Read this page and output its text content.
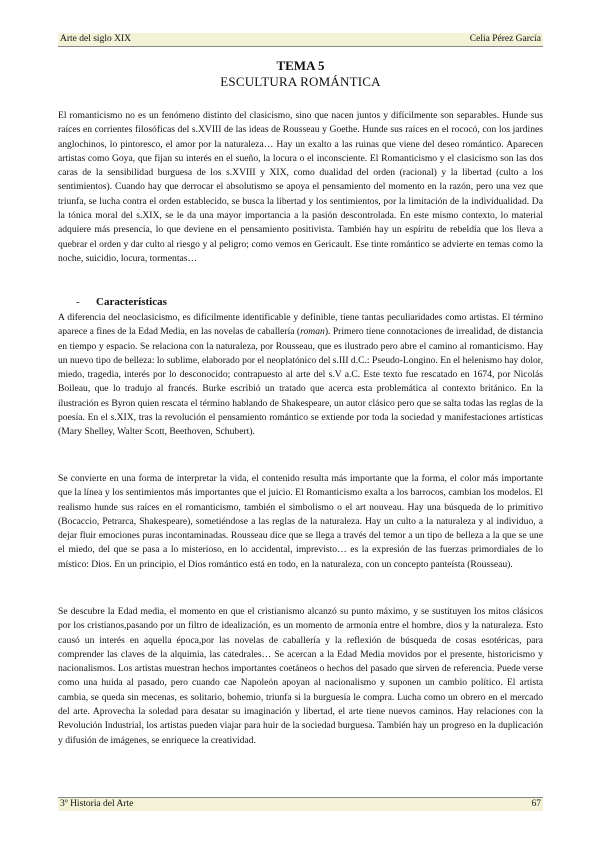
Arte del siglo XIX	Celia Pérez García
TEMA 5
ESCULTURA ROMÁNTICA

El romanticismo no es un fenómeno distinto del clasicismo, sino que nacen juntos y difícilmente son separables. Hunde sus raíces en corrientes filosóficas del s.XVIII de las ideas de Rousseau y Goethe. Hunde sus raíces en el rococó, con los jardines anglochinos, lo pintoresco, el amor por la naturaleza… Hay un exalto a las ruinas que viene del deseo romántico. Aparecen artistas como Goya, que fijan su interés en el sueño, la locura o el inconsciente. El Romanticismo y el clasicismo son las dos caras de la sensibilidad burguesa de los s.XVIII y XIX, como dualidad del orden (racional) y la libertad (culto a los sentimientos). Cuando hay que derrocar el absolutismo se apoya el pensamiento del momento en la razón, pero una vez que triunfa, se lucha contra el orden establecido, se busca la libertad y los sentimientos, por la limitación de la individualidad. Da la tónica moral del s.XIX, se le da una mayor importancia a la pasión descontrolada. En este mismo contexto, lo material adquiere más presencia, lo que deviene en el pensamiento positivista. También hay un espíritu de rebeldía que los lleva a quebrar el orden y dar culto al riesgo y al peligro; como vemos en Gericault. Ese tinte romántico se advierte en temas como la noche, suicidio, locura, tormentas…

- Características

A diferencia del neoclasicismo, es difícilmente identificable y definible, tiene tantas peculiaridades como artistas. El término aparece a fines de la Edad Media, en las novelas de caballería (roman). Primero tiene connotaciones de irrealidad, de distancia en tiempo y espacio. Se relaciona con la naturaleza, por Rousseau, que es ilustrado pero abre el camino al romanticismo. Hay un nuevo tipo de belleza: lo sublime, elaborado por el neoplatónico del s.III d.C.: Pseudo-Longino. En el helenismo hay dolor, miedo, tragedia, interés por lo desconocido; contrapuesto al arte del s.V a.C. Este texto fue rescatado en 1674, por Nicolás Boileau, que lo tradujo al francés. Burke escribió un tratado que acerca esta problemática al contexto británico. En la ilustración es Byron quien rescata el término hablando de Shakespeare, un autor clásico pero que se salta todas las reglas de la poesía. En el s.XIX, tras la revolución el pensamiento romántico se extiende por toda la sociedad y manifestaciones artísticas (Mary Shelley, Walter Scott, Beethoven, Schubert).

Se convierte en una forma de interpretar la vida, el contenido resulta más importante que la forma, el color más importante que la línea y los sentimientos más importantes que el juicio. El Romanticismo exalta a los barrocos, cambian los modelos. El realismo hunde sus raíces en el romanticismo, también el simbolismo o el art nouveau. Hay una búsqueda de lo primitivo (Bocaccio, Petrarca, Shakespeare), sometiéndose a las reglas de la naturaleza. Hay un culto a la naturaleza y al individuo, a dejar fluir emociones puras incontaminadas. Rousseau dice que se llega a través del temor a un tipo de belleza a la que se une el miedo, del que se pasa a lo misterioso, en lo accidental, imprevisto… es la expresión de las fuerzas primordiales de lo místico: Dios. En un principio, el Dios romántico está en todo, en la naturaleza, con un concepto panteísta (Rousseau).

Se descubre la Edad media, el momento en que el cristianismo alcanzó su punto máximo, y se sustituyen los mitos clásicos por los cristianos,pasando por un filtro de idealización, es un momento de armonía entre el hombre, dios y la naturaleza. Esto causó un interés en aquella época,por las novelas de caballería y la reflexión de búsqueda de cosas esotéricas, para comprender las claves de la alquimia, las catedrales… Se acercan a la Edad Media movidos por el presente, historicismo y nacionalismos. Los artistas muestran hechos importantes coetáneos o hechos del pasado que sirven de referencia. Puede verse como una huida al pasado, pero cuando cae Napoleón apoyan al nacionalismo y suponen un cambio político. El artista cambia, se queda sin mecenas, es solitario, bohemio, triunfa si la burguesía le compra. Lucha como un obrero en el mercado del arte. Aprovecha la soledad para desatar su imaginación y libertad, el arte tiene nuevos caminos. Hay relaciones con la Revolución Industrial, los artistas pueden viajar para huir de la sociedad burguesa. También hay un progreso en la duplicación y difusión de imágenes, se enriquece la creatividad.

3º Historia del Arte	67
